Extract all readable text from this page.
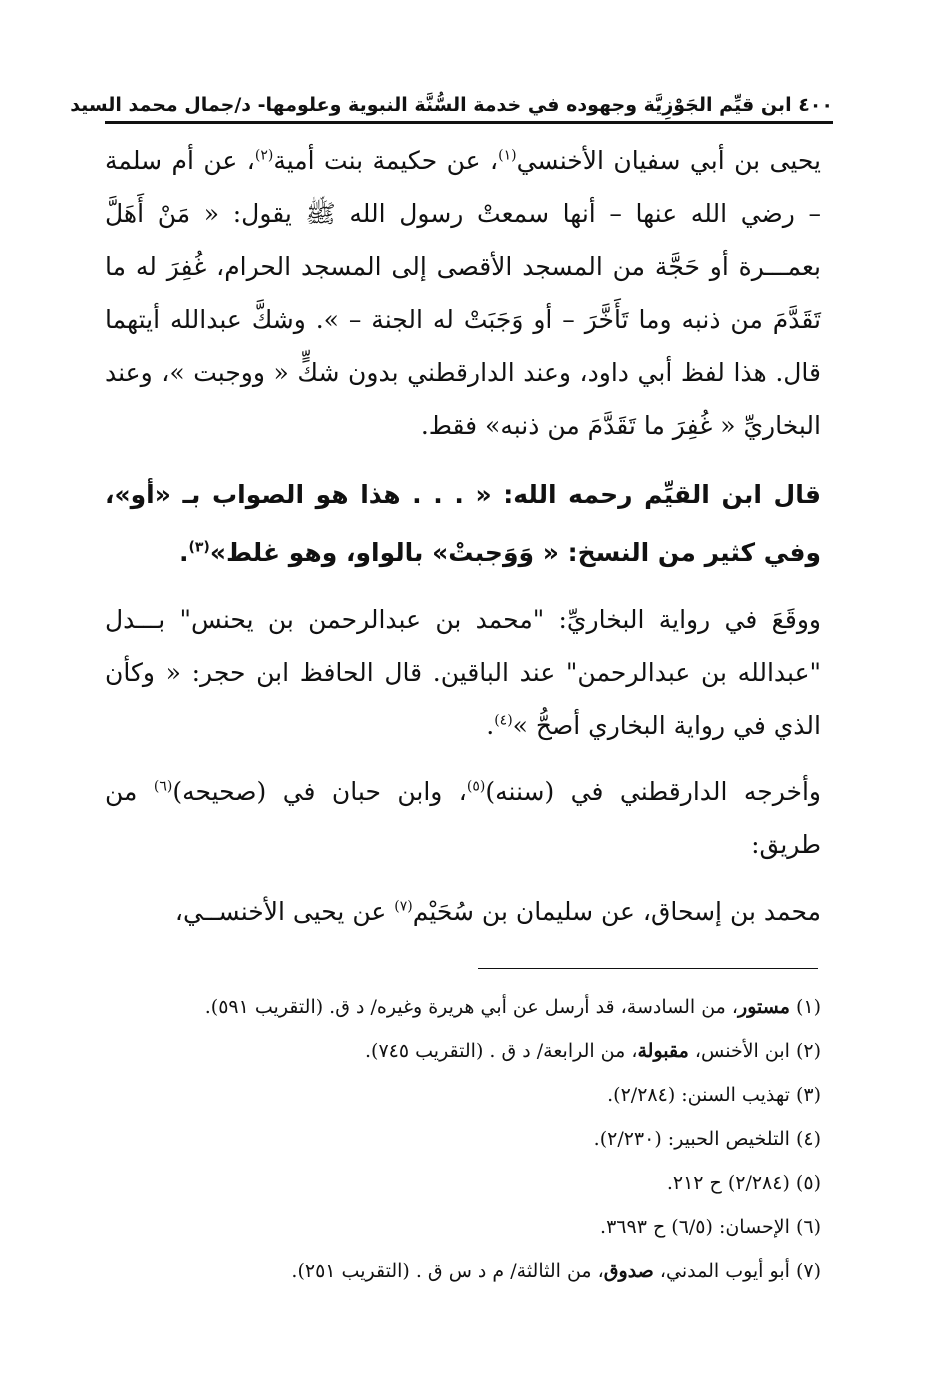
٤٠٠ ابن قيِّم الجَوْزِيَّة وجهوده في خدمة السُّنَّة النبوية وعلومها- د/جمال محمد السيد

يحيى بن أبي سفيان الأخنسي$^{(١)}$، عن حكيمة بنت أمية$^{(٢)}$، عن أم سلمة – رضي الله عنها – أنها سمعتْ رسول الله ﷺ يقول: « مَنْ أَهَلَّ بعمـــرة أو حَجَّة من المسجد الأقصى إلى المسجد الحرام، غُفِرَ له ما تَقَدَّمَ من ذنبه وما تَأَخَّرَ – أو وَجَبَتْ له الجنة – ». وشكَّ عبدالله أيتهما قال. هذا لفظ أبي داود، وعند الدارقطني بدون شكٍّ « ووجبت »، وعند البخاريِّ « غُفِرَ ما تَقَدَّمَ من ذنبه» فقط.

قال ابن القيِّم رحمه الله: « . . . هذا هو الصواب بـ «أو»، وفي كثير من النسخ: « وَوَجبتْ» بالواو، وهو غلط»$^{(٣)}$.

ووقَعَ في رواية البخاريِّ: "محمد بن عبدالرحمن بن يحنس" بـــدل "عبدالله بن عبدالرحمن" عند الباقين. قال الحافظ ابن حجر: « وكأن الذي في رواية البخاري أصحُّ »$^{(٤)}$.

وأخرجه الدارقطني في (سننه)$^{(٥)}$، وابن حبان في (صحيحه)$^{(٦)}$ من طريق:

محمد بن إسحاق، عن سليمان بن سُحَيْم$^{(٧)}$ عن يحيى الأخنســي،

(١) مستور، من السادسة، قد أرسل عن أبي هريرة وغيره/ د ق. (التقريب ٥٩١).

(٢) ابن الأخنس، مقبولة، من الرابعة/ د ق . (التقريب ٧٤٥).

(٣) تهذيب السنن: (٢/٢٨٤).

(٤) التلخيص الحبير: (٢/٢٣٠).

(٥) (٢/٢٨٤) ح ٢١٢.

(٦) الإحسان: (٦/٥) ح ٣٦٩٣.

(٧) أبو أيوب المدني، صدوق، من الثالثة/ م د س ق . (التقريب ٢٥١).
